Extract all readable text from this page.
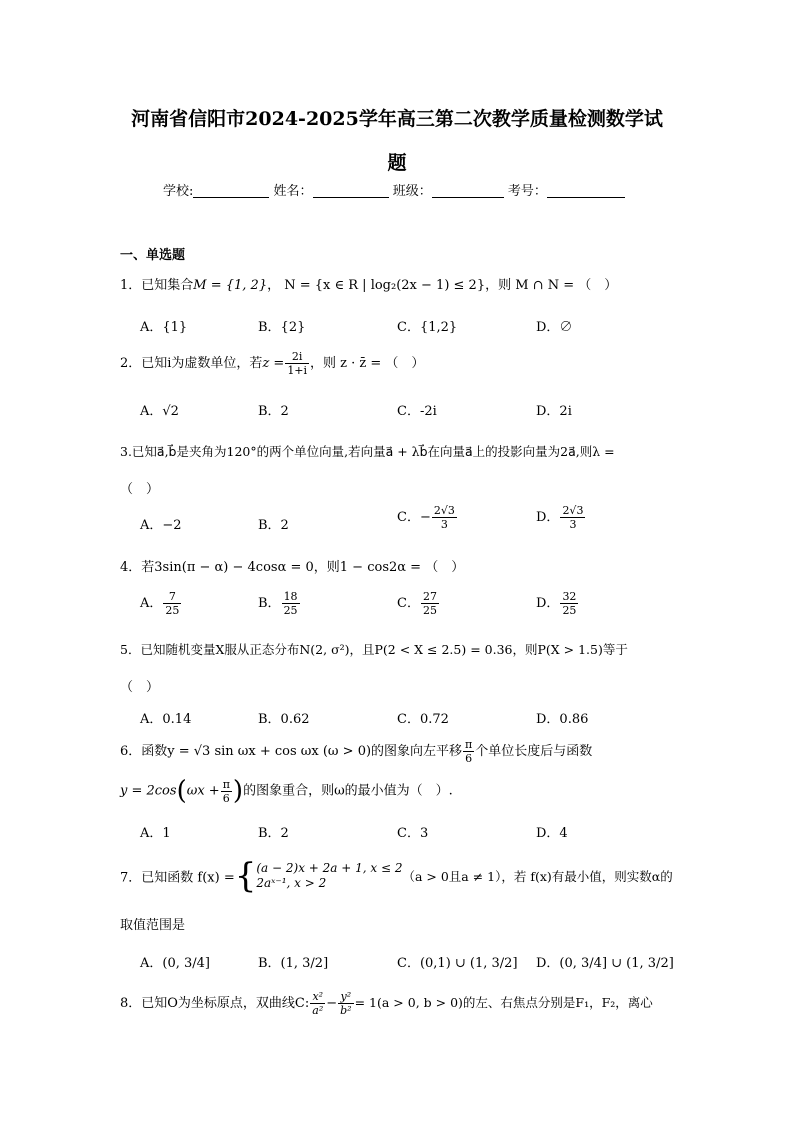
河南省信阳市2024-2025学年高三第二次教学质量检测数学试
题
学校:	姓名：	班级：	考号：
一、单选题
1．已知集合M = {1, 2}， N = {x ∈ R | log₂(2x − 1) ≤ 2}，则 M ∩ N = （　）
A．{1}	B．{2}	C．{1,2}	D．∅
2．已知i为虚数单位，若$z = \frac{2i}{1+i}$ ，则 z · z̄ = （　）
A．√2	B．2	C．-2i	D．2i
3.已知a⃗,b⃗是夹角为120°的两个单位向量,若向量a⃗ + λb⃗在向量a⃗上的投影向量为2a⃗,则λ =
（　）
A．−2	B．2
C．− $\frac{2√3}{3}$	D． $\frac{2√3}{3}$
4．若3sin(π − α) − 4cosα = 0，则1 − cos2α = （　）
A． $\frac{7}{25}$	B． $\frac{18}{25}$	C． $\frac{27}{25}$	D． $\frac{32}{25}$
5．已知随机变量X服从正态分布N(2, σ²)，且P(2 < X ≤ 2.5) = 0.36，则P(X > 1.5)等于
（　）
A．0.14	B．0.62	C．0.72	D．0.86
6．函数y = √3 sin ωx + cos ωx (ω > 0)的图象向左平移 $\frac{\pi}{6}$ 个单位长度后与函数
$y = 2\cos(\omega x + \frac{\pi}{6}$ )的图象重合，则ω的最小值为（　）.
A．1	B．2	C．3	D．4
7．已知函数 f(x) ={ (a − 2)x + 2a + 1, x ≤ 2
2aˣ⁻¹, x > 2	（a > 0且a ≠ 1），若 f(x)有最小值，则实数α的
取值范围是
A．(0, 3/4]	B．(1, 3/2]	C．(0,1) ∪ (1, 3/2] D．(0, 3/4] ∪ (1, 3/2]
8．已知O为坐标原点，双曲线C: $\frac{\text{x²}}{\text{a²}} - \frac{\text{y²}}{\text{b²}} = 1(a > 0$, b > 0)的左、右焦点分别是F₁，F₂，离心
